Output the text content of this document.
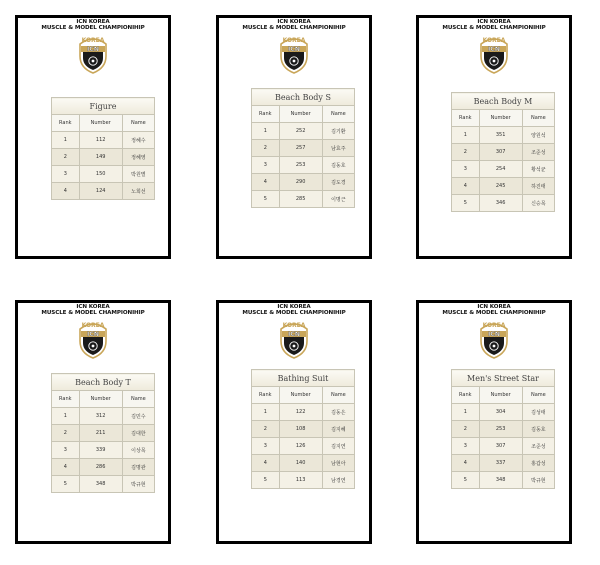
ICN KOREA
MUSCLE & MODEL CHAMPIONIHIP
KOREA
ICN
Figure		
Rank	Number	Name
1	112	정혜수
2	149	정혜영
3	150	박원별
4	124	노희선
ICN KOREA
MUSCLE & MODEL CHAMPIONIHIP
KOREA
ICN
Beach Body S		
Rank	Number	Name
1	252	김기환
2	257	남효주
3	253	김동호
4	290	김도경
5	285	이명근
ICN KOREA
MUSCLE & MODEL CHAMPIONIHIP
KOREA
ICN
Beach Body M		
Rank	Number	Name
1	351	양원석
2	307	조준성
3	254	황석균
4	245	하진태
5	346	신승목
ICN KOREA
MUSCLE & MODEL CHAMPIONIHIP
KOREA
ICN
Beach Body T		
Rank	Number	Name
1	312	김민수
2	211	김대한
3	339	이상목
4	286	김명관
5	348	박규현
ICN KOREA
MUSCLE & MODEL CHAMPIONIHIP
KOREA
ICN
Bathing Suit		
Rank	Number	Name
1	122	김동은
2	108	김지혜
3	126	김지연
4	140	남현아
5	113	남경연
ICN KOREA
MUSCLE & MODEL CHAMPIONIHIP
KOREA
ICN
Men's Street Star		
Rank	Number	Name
1	304	김성태
2	253	김동호
3	307	조준성
4	337	홍갑성
5	348	박규현
